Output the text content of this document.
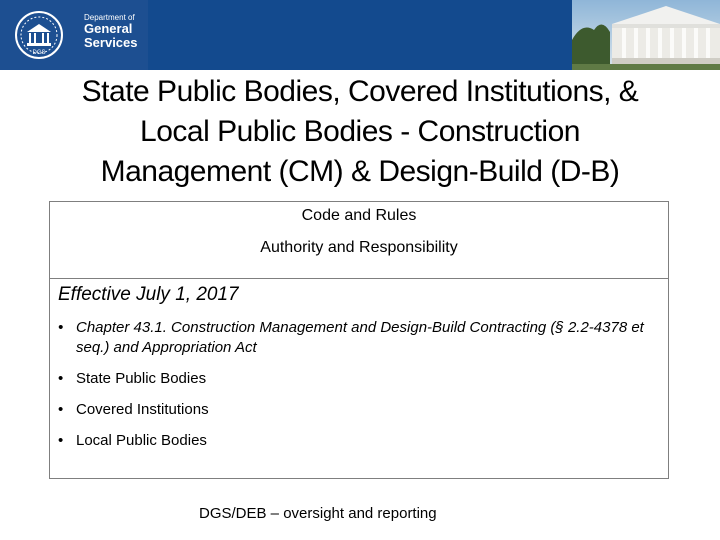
DGS
Department of
General
Services
State Public Bodies, Covered Institutions, &
Local Public Bodies - Construction
Management (CM) & Design-Build (D-B)
Code and Rules
Authority and Responsibility
Effective July 1, 2017
• Chapter 43.1. Construction Management and Design-Build Contracting (§ 2.2-4378 et seq.) and Appropriation Act
• State Public Bodies
• Covered Institutions
• Local Public Bodies
DGS/DEB – oversight and reporting
